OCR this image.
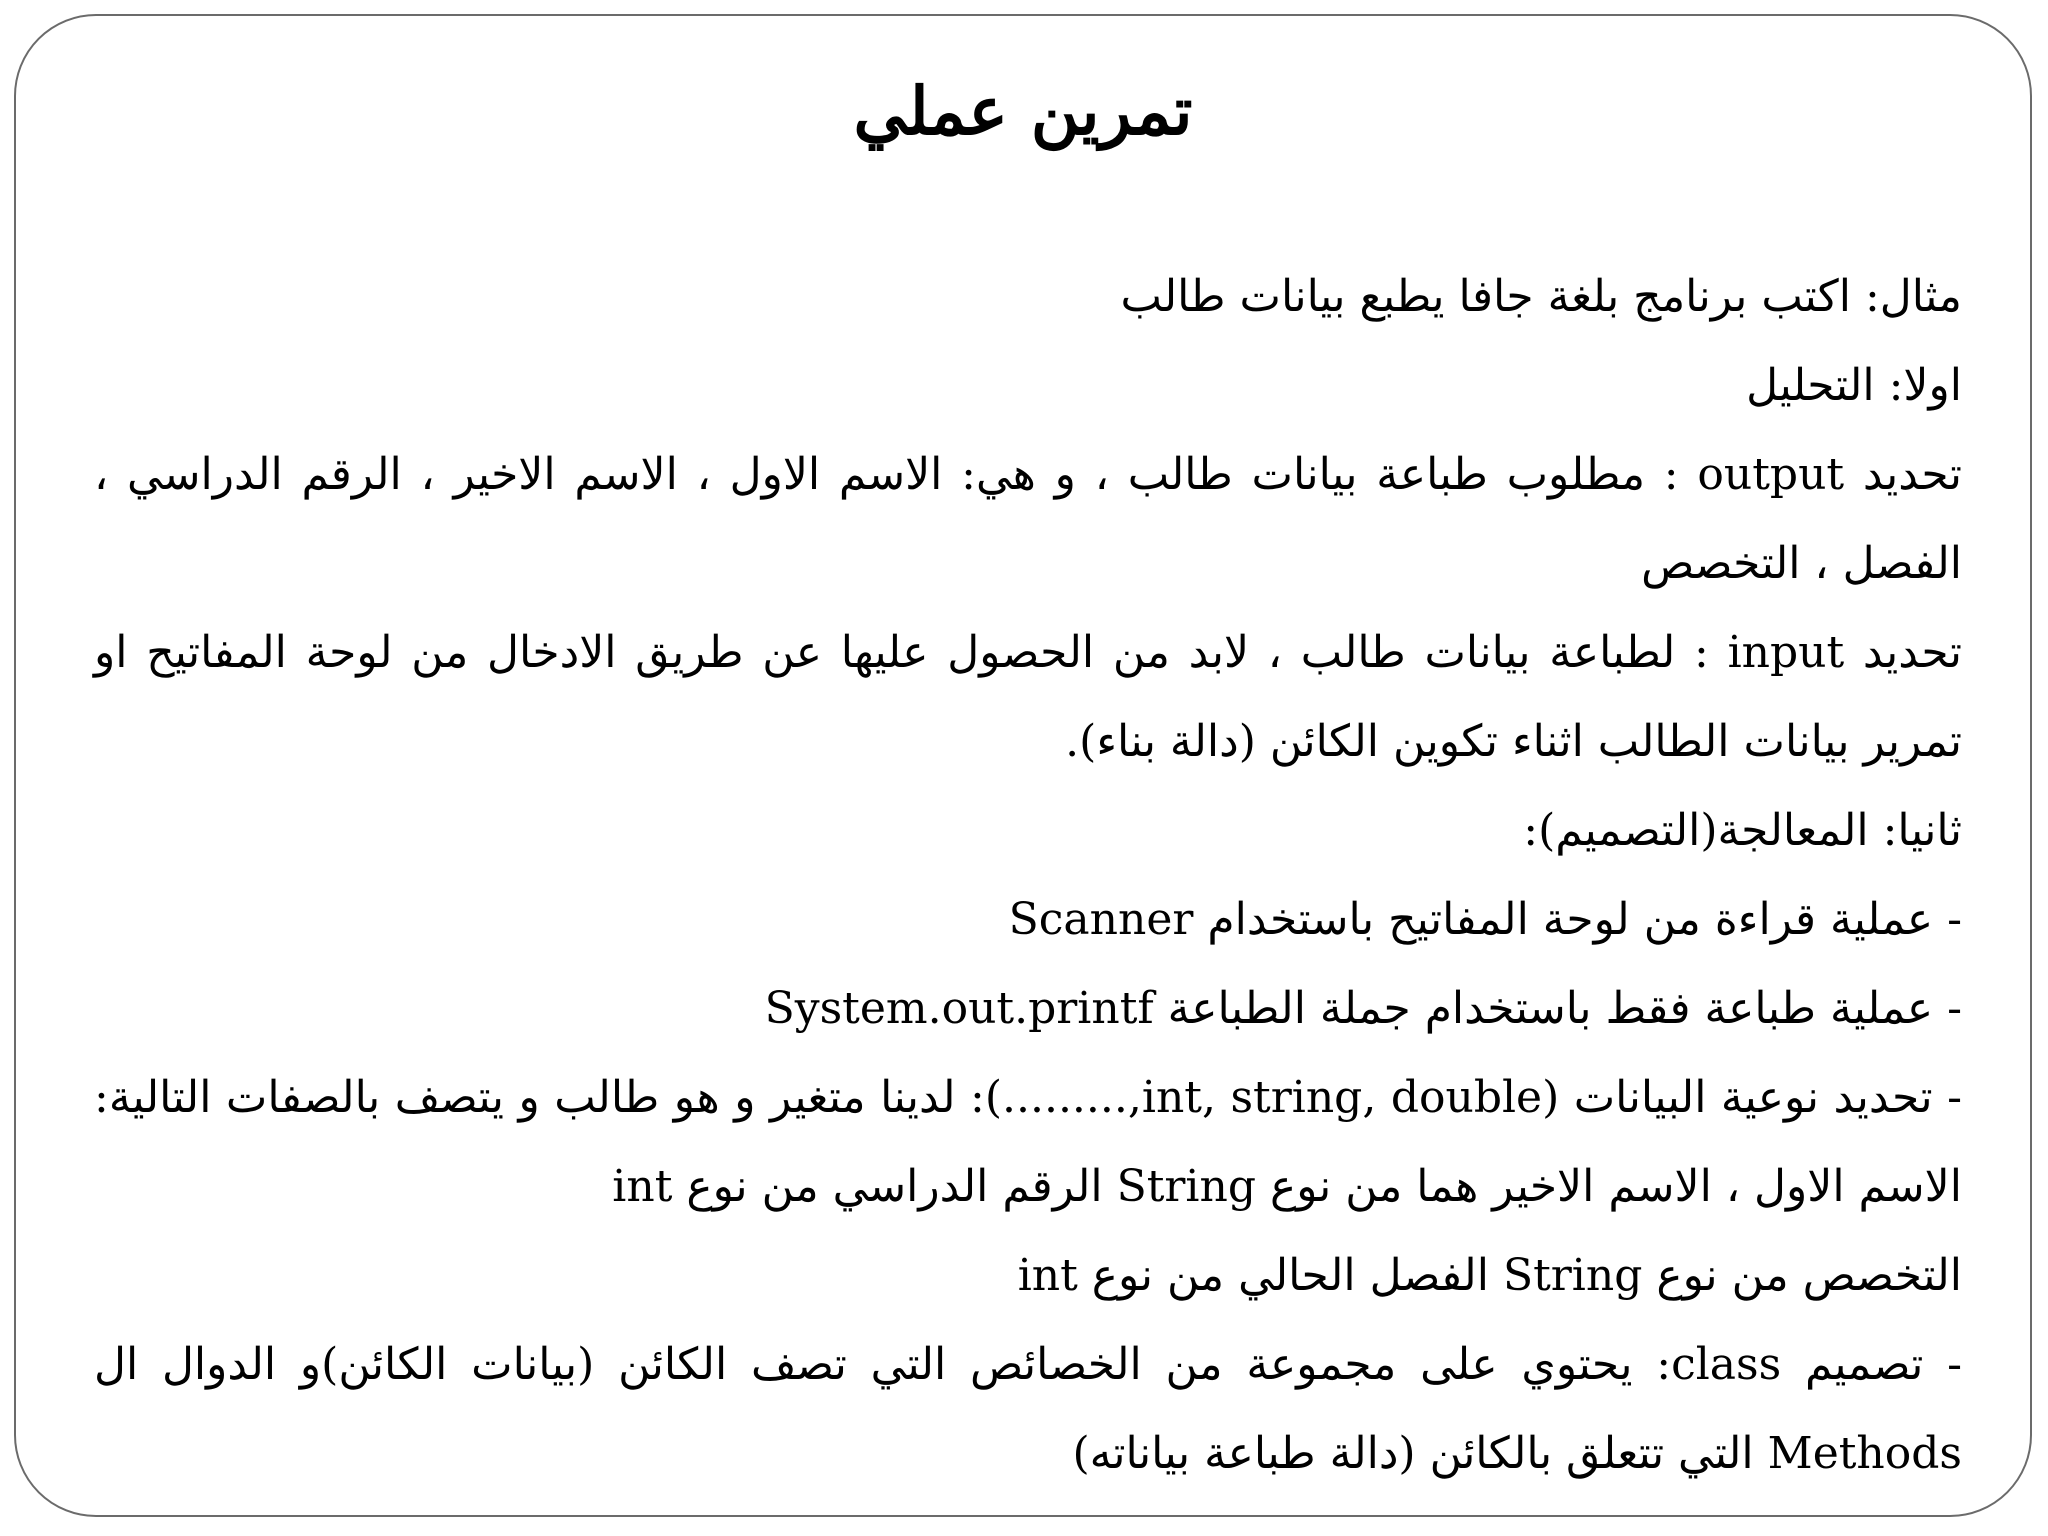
تمرين عملي

مثال: اكتب برنامج بلغة جافا يطبع بيانات طالب

اولا: التحليل

تحديد output : مطلوب طباعة بيانات طالب ، و هي: الاسم الاول ، الاسم الاخير ، الرقم الدراسي ، الفصل ، التخصص

تحديد input : لطباعة بيانات طالب ، لابد من الحصول عليها عن طريق الادخال من لوحة المفاتيح او تمرير بيانات الطالب اثناء تكوين الكائن (دالة بناء).

ثانيا: المعالجة(التصميم):

- عملية قراءة من لوحة المفاتيح باستخدام Scanner

- عملية طباعة فقط باستخدام جملة الطباعة System.out.printf

- تحديد نوعية البيانات (int, string, double,.........): لدينا متغير و هو طالب و يتصف بالصفات التالية: الاسم الاول ، الاسم الاخير هما من نوع String الرقم الدراسي من نوع int

التخصص من نوع String الفصل الحالي من نوع int

- تصميم class: يحتوي على مجموعة من الخصائص التي تصف الكائن (بيانات الكائن)و الدوال ال Methods التي تتعلق بالكائن (دالة طباعة بياناته)
